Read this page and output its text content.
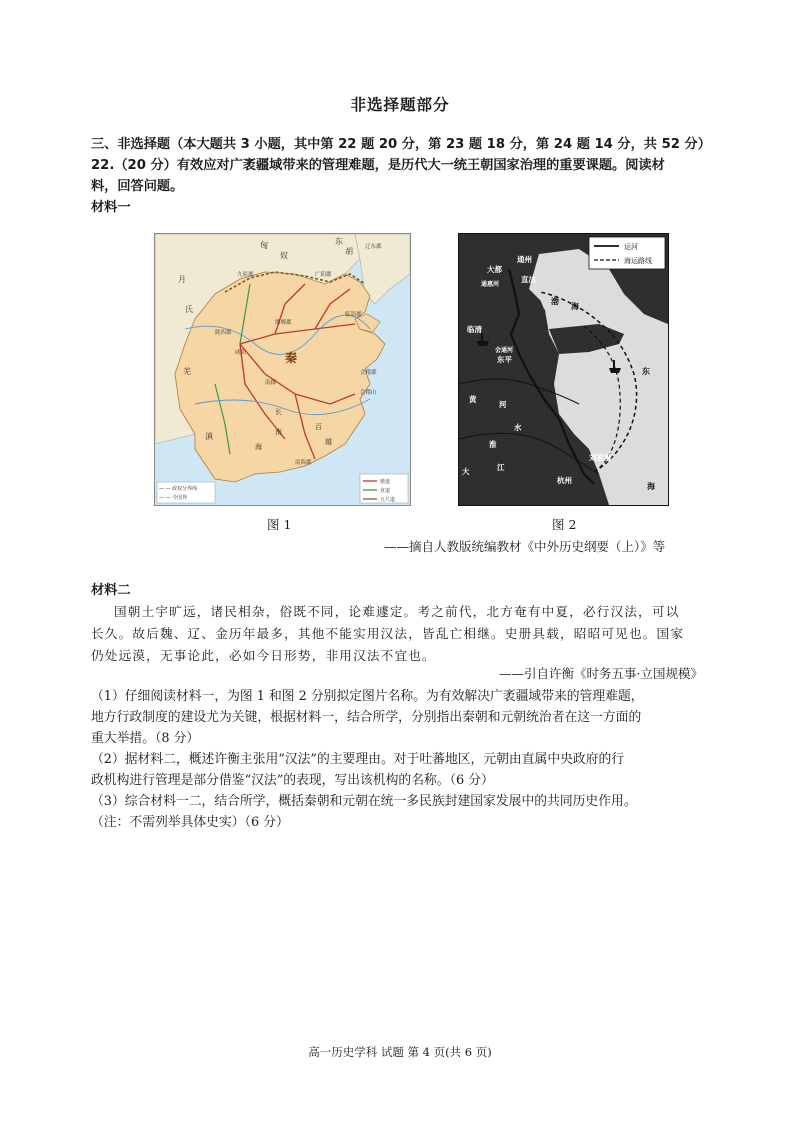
非选择题部分
三、非选择题（本大题共 3 小题，其中第 22 题 20 分，第 23 题 18 分，第 24 题 14 分，共 52 分）
22.（20 分）有效应对广袤疆域带来的管理难题，是历代大一统王朝国家治理的重要课题。阅读材
料，回答问题。
材料一
匈
奴
东
胡
月
氏
羌
滇
九原郡	广阳郡
辽东郡
陇西郡
咸阳
邯郸郡
临淄郡
会稽郡
会稽山
南郡
南海郡
秦
长
南
海
百
越
— — 政权分界线
— — 今国界
驰道
直道
五尺道
运河
海运路线
大都
通州
通惠河
直沽
临清
会通河
东平
黄
河
淮
水
大	江
刘家港
杭州
渤
海
东
海
图 1	图 2
——摘自人教版统编教材《中外历史纲要（上）》等
材料二
国朝土宇旷远，诸民相杂，俗既不同，论难遽定。考之前代，北方奄有中夏，必行汉法，可以
长久。故后魏、辽、金历年最多，其他不能实用汉法，皆乱亡相继。史册具载，昭昭可见也。国家
仍处远漠，无事论此，必如今日形势，非用汉法不宜也。
——引自许衡《时务五事·立国规模》
（1）仔细阅读材料一，为图 1 和图 2 分别拟定图片名称。为有效解决广袤疆域带来的管理难题，
地方行政制度的建设尤为关键，根据材料一，结合所学，分别指出秦朝和元朝统治者在这一方面的
重大举措。（8 分）
（2）据材料二，概述许衡主张用“汉法”的主要理由。对于吐蕃地区，元朝由直属中央政府的行
政机构进行管理是部分借鉴“汉法”的表现，写出该机构的名称。（6 分）
（3）综合材料一二，结合所学，概括秦朝和元朝在统一多民族封建国家发展中的共同历史作用。
（注：不需列举具体史实）（6 分）
高一历史学科 试题 第 4 页(共 6 页)
